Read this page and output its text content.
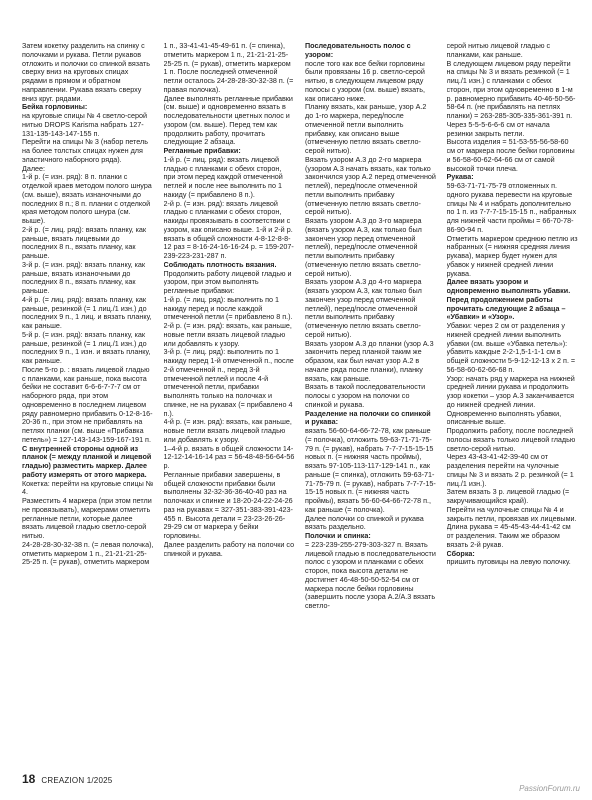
Затем кокетку разделить на спинку с полочками и рукава. Петли рукавов отложить и полочки со спинкой вязать сверху вниз на круговых спицах рядами в прямом и обратном направлении. Рукава вязать сверху вниз круг. рядами.

Бейка горловины:

на круговые спицы № 4 светло-серой нитью DROPS Karisma набрать 127-131-135-143-147-155 п.

Перейти на спицы № 3 (набор петель на более толстых спицах нужен для эластичного наборного ряда).

Далее:

1-й р. (= изн. ряд): 8 п. планки с отделкой краев методом полого шнура (см. выше), вязать изнаночными до последних 8 п.; 8 п. планки с отделкой края методом полого шнура (см. выше).

2-й р. (= лиц. ряд): вязать планку, как раньше, вязать лицевыми до последних 8 п., вязать планку, как раньше.

3-й р. (= изн. ряд): вязать планку, как раньше, вязать изнаночными до последних 8 п., вязать планку, как раньше.

4-й р. (= лиц. ряд): вязать планку, как раньше, резинкой (= 1 лиц./1 изн.) до последних 9 п., 1 лиц. и вязать планку, как раньше.

5-й р. (= изн. ряд): вязать планку, как раньше, резинкой (= 1 лиц./1 изн.) до последних 9 п., 1 изн. и вязать планку, как раньше.

После 5-го р. : вязать лицевой гладью с планками, как раньше, пока высота бейки не составит 6-6-6-7-7-7 см от наборного ряда, при этом одновременно в последнем лицевом ряду равномерно прибавить 0-12-8-16-20-36 п., при этом не прибавлять на петлях планки (см. выше «Прибавка петель») = 127-143-143-159-167-191 п.

С внутренней стороны одной из планок (= между планкой и лицевой гладью) разместить маркер. Далее работу измерять от этого маркера.

Кокетка: перейти на круговые спицы № 4.

Разместить 4 маркера (при этом петли не провязывать), маркерами отметить регланные петли, которые далее вязать лицевой гладью светло-серой нитью.

24-28-28-30-32-38 п. (= левая полочка), отметить маркером 1 п., 21-21-21-25-25-25 п. (= рукав), отметить маркером

1 п., 33-41-41-45-49-61 п. (= спинка), отметить маркером 1 п., 21-21-21-25-25-25 п. (= рукав), отметить маркером 1 п. После последней отмеченной петли осталось 24-28-28-30-32-38 п. (= правая полочка).

Далее выполнять регланные прибавки (см. выше) и одновременно вязать в последовательности цветных полос и узором (см. выше). Перед тем как продолжить работу, прочитать следующие 2 абзаца.

Регланные прибавки:

1-й р. (= лиц. ряд): вязать лицевой гладью с планками с обеих сторон, при этом перед каждой отмеченной петлей и после нее выполнить по 1 накиду (= прибавлено 8 п.).

2-й р. (= изн. ряд): вязать лицевой гладью с планками с обеих сторон, накиды провязывать в соответствии с узором, как описано выше. 1-й и 2-й р. вязать в общей сложности 4-8-12-8-8-12 раз = 8-16-24-16-16-24 р. = 159-207-239-223-231-287 п.

Соблюдать плотность вязания.

Продолжить работу лицевой гладью и узором, при этом выполнять регланные прибавки:

1-й р. (= лиц. ряд): выполнить по 1 накиду перед и после каждой отмеченной петли (= прибавлено 8 п.).

2-й р. (= изн. ряд): вязать, как раньше, новые петли вязать лицевой гладью или добавлять к узору.

3-й р. (= лиц. ряд): выполнить по 1 накиду перед 1-й отмеченной п., после 2-й отмеченной п., перед 3-й отмеченной петлей и после 4-й отмеченной петли, прибавки выполнять только на полочках и спинке, не на рукавах (= прибавлено 4 п.).

4-й р. (= изн. ряд): вязать, как раньше, новые петли вязать лицевой гладью или добавлять к узору.

1–4-й р. вязать в общей сложности 14-12-12-14-16-14 раз = 56-48-48-56-64-56 р.

Регланные прибавки завершены, в общей сложности прибавки были выполнены 32-32-36-36-40-40 раз на полочках и спинке и 18-20-24-22-24-26 раз на рукавах = 327-351-383-391-423-455 п. Высота детали = 23-23-26-26-29-29 см от маркера у бейки горловины.

Далее разделить работу на полочки со спинкой и рукава.

Последовательность полос с узором:

после того как все бейки горловины были провязаны 16 р. светло-серой нитью, в следующем лицевом ряду полосы с узором (см. выше) вязать, как описано ниже.

Планку вязать, как раньше, узор А.2 до 1-го маркера, перед/после отмеченной петли выполнить прибавку, как описано выше (отмеченную петлю вязать светло-серой нитью).

Вязать узором А.3 до 2-го маркера (узором А.3 начать вязать, как только закончился узор А.2 перед отмеченной петлей), перед/после отмеченной петли выполнить прибавку (отмеченную петлю вязать светло-серой нитью).

Вязать узором А.3 до 3-го маркера (вязать узором А.3, как только был закончен узор перед отмеченной петлей), перед/после отмеченной петли выполнить прибавку (отмеченную петлю вязать светло-серой нитью).

Вязать узором А.3 до 4-го маркера (вязать узором А.3, как только был закончен узор перед отмеченной петлей), перед/после отмеченной петли выполнить прибавку (отмеченную петлю вязать светло-серой нитью).

Вязать узором А.3 до планки (узор А.3 закончить перед планкой таким же образом, как был начат узор А.2 в начале ряда после планки), планку вязать, как раньше.

Вязать в такой последовательности полосы с узором на полочки со спинкой и рукава.

Разделение на полочки со спинкой и рукава:

вязать 56-60-64-66-72-78, как раньше (= полочка), отложить 59-63-71-71-75-79 п. (= рукав), набрать 7-7-7-15-15-15 новых п. (= нижняя часть проймы), вязать 97-105-113-117-129-141 п., как раньше (= спинка), отложить 59-63-71-71-75-79 п. (= рукав), набрать 7-7-7-15-15-15 новых п. (= нижняя часть проймы), вязать 56-60-64-66-72-78 п., как раньше (= полочка).

Далее полочки со спинкой и рукава вязать раздельно.

Полочки и спинка:

= 223-239-255-279-303-327 п. Вязать лицевой гладью в последовательности полос с узором и планками с обеих сторон, пока высота детали не достигнет 46-48-50-50-52-54 см от маркера после бейки горловины (завершить после узора А.2/А.3 вязать светло-

серой нитью лицевой гладью с планками, как раньше.

В следующем лицевом ряду перейти на спицы № 3 и вязать резинкой (= 1 лиц./1 изн.) с планками с обеих сторон, при этом одновременно в 1-м р. равномерно прибавить 40-46-50-56-58-64 п. (не прибавлять на петлях планки) = 263-285-305-335-361-391 п.

Через 5-5-5-6-6-6 см от начала резинки закрыть петли.

Высота изделия = 51-53-55-56-58-60 см от маркера после бейки горловины и 56-58-60-62-64-66 см от самой высокой точки плеча.

Рукава:

59-63-71-71-75-79 отложенных п. одного рукава перевести на круговые спицы № 4 и набрать дополнительно по 1 п. из 7-7-7-15-15-15 п., набранных для нижней части проймы = 66-70-78-86-90-94 п.

Отметить маркером среднюю петлю из набранных (= нижняя средняя линия рукава), маркер будет нужен для убавок у нижней средней линии рукава.

Далее вязать узором и одновременно выполнять убавки. Перед продолжением работы прочитать следующие 2 абзаца – «Убавки» и «Узор».

Убавки: через 2 см от разделения у нижней средней линии выполнить убавки (см. выше «Убавка петель»): убавить каждые 2-2-1,5-1-1-1 см в общей сложности 5-9-12-12-13 х 2 п. = 56-58-60-62-66-68 п.

Узор: начать ряд у маркера на нижней средней линии рукава и продолжить узор кокетки – узор А.3 заканчивается до нижней средней линии. Одновременно выполнять убавки, описанные выше.

Продолжить работу, после последней полосы вязать только лицевой гладью светло-серой нитью.

Через 43-43-41-42-39-40 см от разделения перейти на чулочные спицы № 3 и вязать 2 р. резинкой (= 1 лиц./1 изн.).

Затем вязать 3 р. лицевой гладью (= закручивающийся край).

Перейти на чулочные спицы № 4 и закрыть петли, провязав их лицевыми.

Длина рукава = 45-45-43-44-41-42 см от разделения. Таким же образом вязать 2-й рукав.

Сборка:

пришить пуговицы на левую полочку.

18 CREAZION 1/2025
PassionForum.ru
